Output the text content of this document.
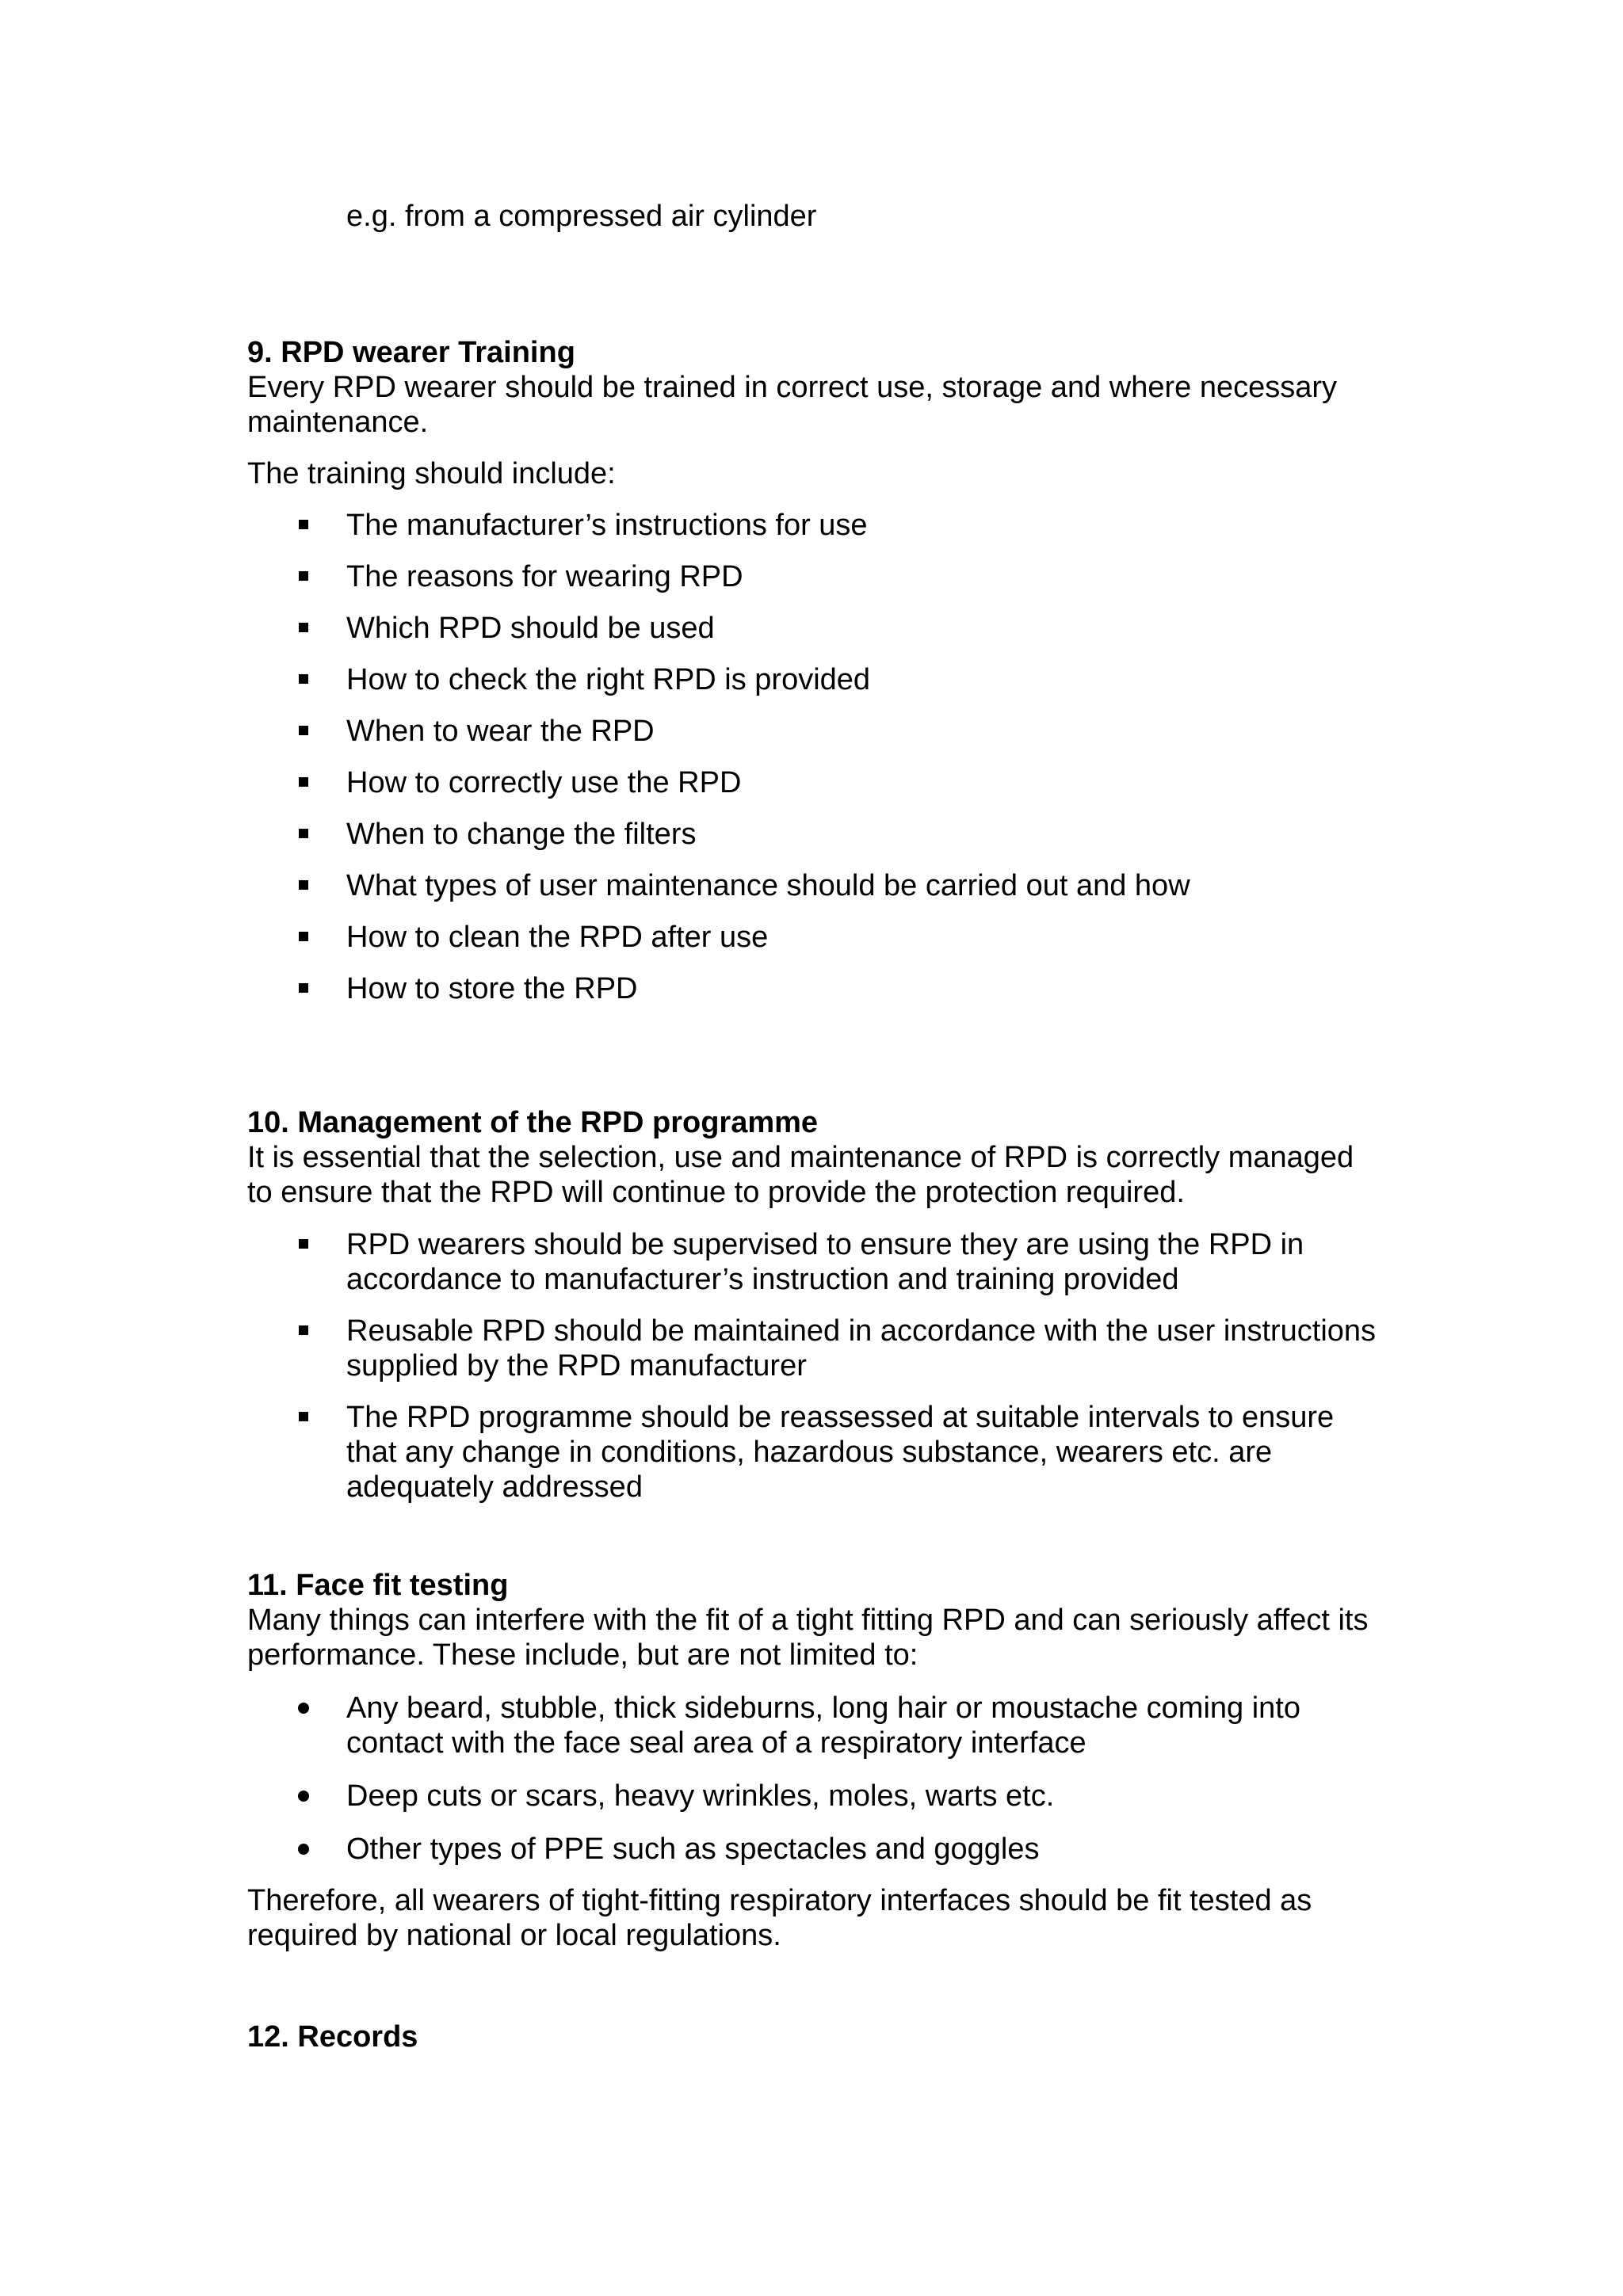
e.g. from a compressed air cylinder

9. RPD wearer Training

Every RPD wearer should be trained in correct use, storage and where necessary

maintenance.

The training should include:

The manufacturer’s instructions for use

The reasons for wearing RPD

Which RPD should be used

How to check the right RPD is provided

When to wear the RPD

How to correctly use the RPD

When to change the filters

What types of user maintenance should be carried out and how

How to clean the RPD after use

How to store the RPD

10. Management of the RPD programme

It is essential that the selection, use and maintenance of RPD is correctly managed

to ensure that the RPD will continue to provide the protection required.

RPD wearers should be supervised to ensure they are using the RPD in

accordance to manufacturer’s instruction and training provided

Reusable RPD should be maintained in accordance with the user instructions

supplied by the RPD manufacturer

The RPD programme should be reassessed at suitable intervals to ensure

that any change in conditions, hazardous substance, wearers etc. are

adequately addressed

11. Face fit testing

Many things can interfere with the fit of a tight fitting RPD and can seriously affect its

performance. These include, but are not limited to:

Any beard, stubble, thick sideburns, long hair or moustache coming into

contact with the face seal area of a respiratory interface

Deep cuts or scars, heavy wrinkles, moles, warts etc.

Other types of PPE such as spectacles and goggles

Therefore, all wearers of tight-fitting respiratory interfaces should be fit tested as

required by national or local regulations.

12. Records
